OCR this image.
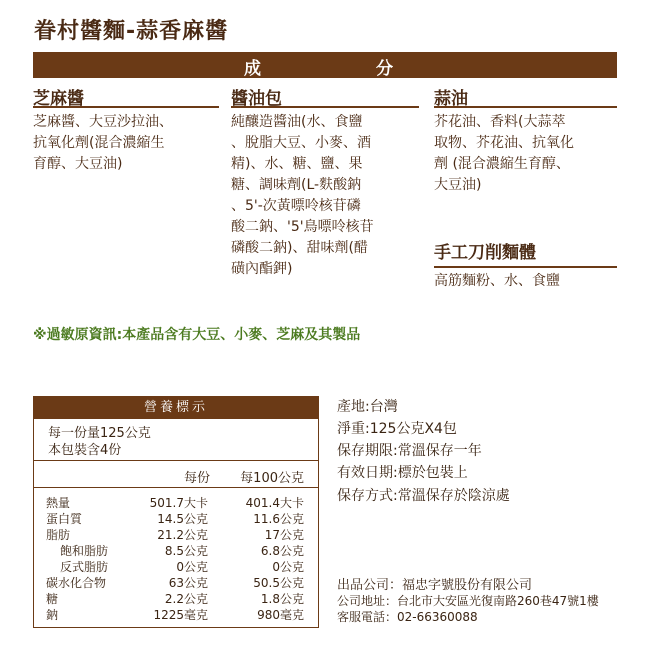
眷村醬麵-蒜香麻醬
成	分
芝麻醬	醬油包	蒜油
芝麻醬、大豆沙拉油、
抗氧化劑(混合濃縮生
育醇、大豆油)
純釀造醬油(水、食鹽
、脫脂大豆、小麥、酒
精)、水、糖、鹽、果
糖、調味劑(L-麩酸鈉
、5'-次黃嘌呤核苷磷
酸二鈉、'5'鳥嘌呤核苷
磷酸二鈉)、甜味劑(醋
磺內酯鉀)
芥花油、香料(大蒜萃
取物、芥花油、抗氧化
劑 (混合濃縮生育醇、
大豆油)
手工刀削麵體
高筋麵粉、水、食鹽
※過敏原資訊:本產品含有大豆、小麥、芝麻及其製品
營養標示
每一份量125公克
本包裝含4份
每份 每100公克
熱量	501.7大卡	401.4大卡
蛋白質	14.5公克	11.6公克
脂肪	21.2公克	17公克
飽和脂肪	8.5公克	6.8公克
反式脂肪	0公克	0公克
碳水化合物	63公克	50.5公克
糖	2.2公克	1.8公克
鈉	1225毫克	980毫克
產地:台灣
淨重:125公克X4包
保存期限:常溫保存一年
有效日期:標於包裝上
保存方式:常溫保存於陰涼處
出品公司：福忠字號股份有限公司
公司地址：台北市大安區光復南路260巷47號1樓
客服電話：02-66360088
